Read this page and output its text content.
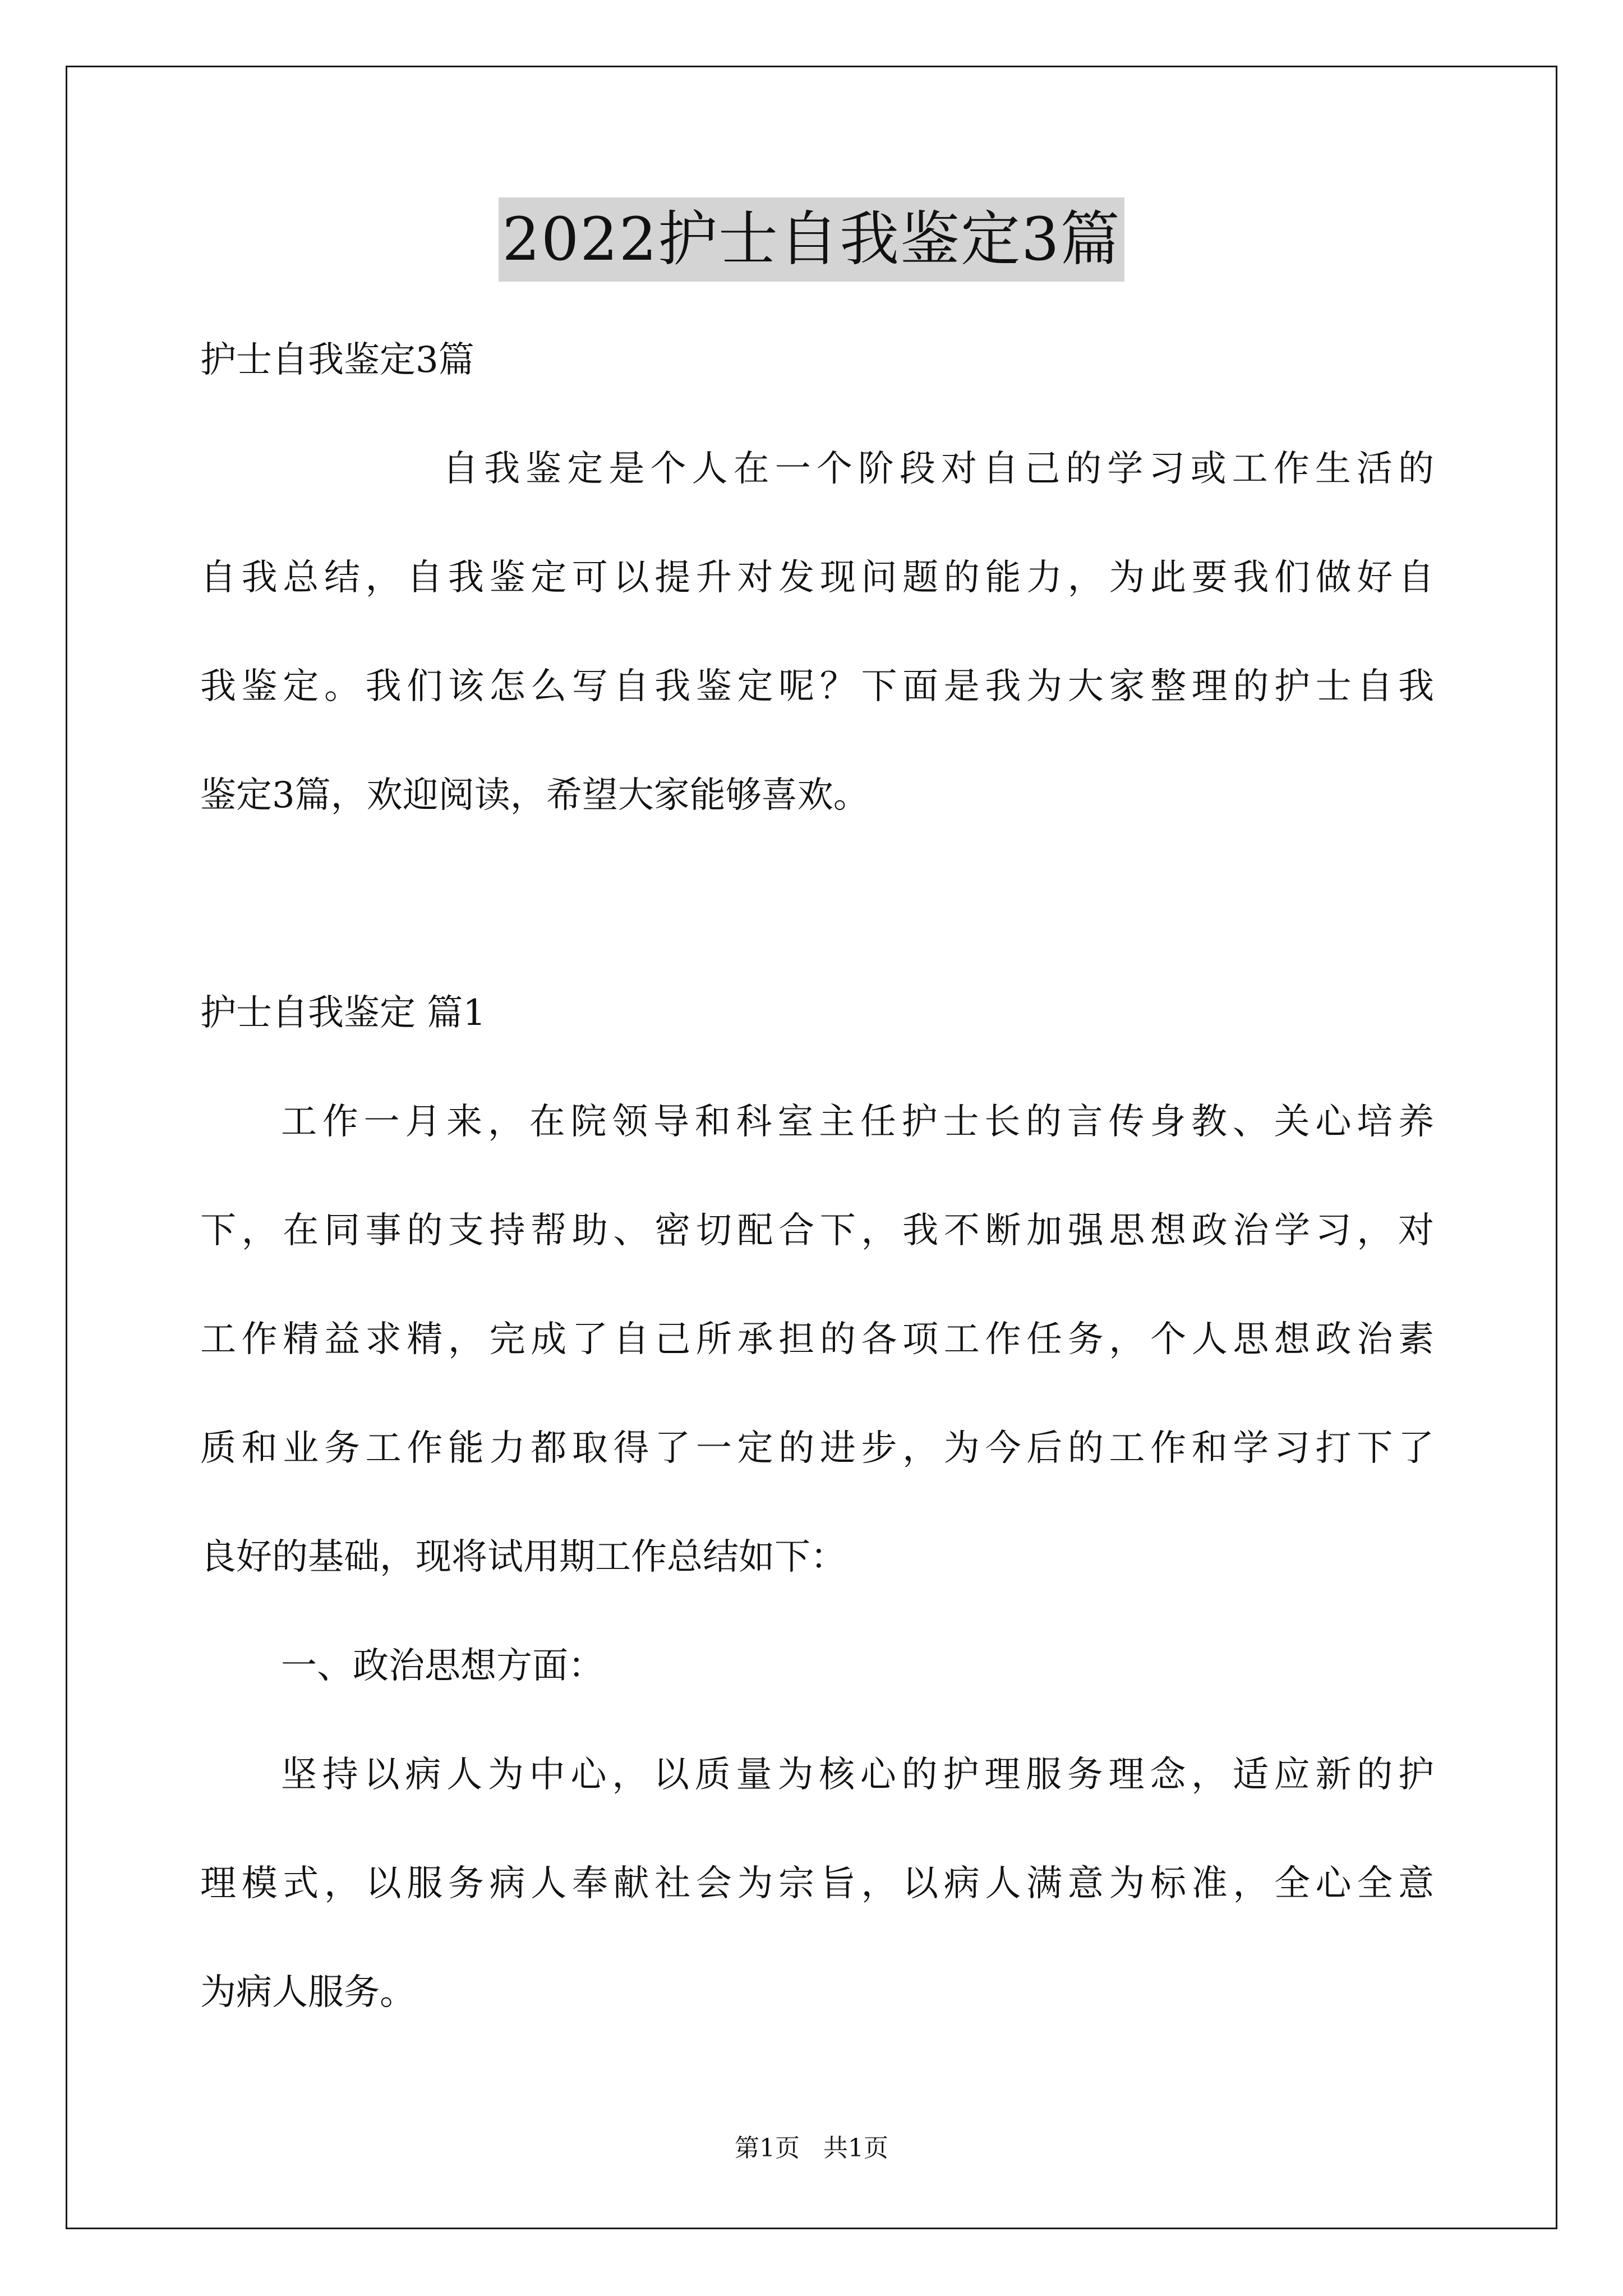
2022护士自我鉴定3篇
护士自我鉴定3篇
自我鉴定是个人在一个阶段对自己的学习或工作生活的
自我总结，自我鉴定可以提升对发现问题的能力，为此要我们做好自
我鉴定。我们该怎么写自我鉴定呢？下面是我为大家整理的护士自我
鉴定3篇，欢迎阅读，希望大家能够喜欢。
护士自我鉴定 篇1
工作一月来，在院领导和科室主任护士长的言传身教、关心培养
下，在同事的支持帮助、密切配合下，我不断加强思想政治学习，对
工作精益求精，完成了自己所承担的各项工作任务，个人思想政治素
质和业务工作能力都取得了一定的进步，为今后的工作和学习打下了
良好的基础，现将试用期工作总结如下：
一、政治思想方面：
坚持以病人为中心，以质量为核心的护理服务理念，适应新的护
理模式，以服务病人奉献社会为宗旨，以病人满意为标准，全心全意
为病人服务。
第1页   共1页
